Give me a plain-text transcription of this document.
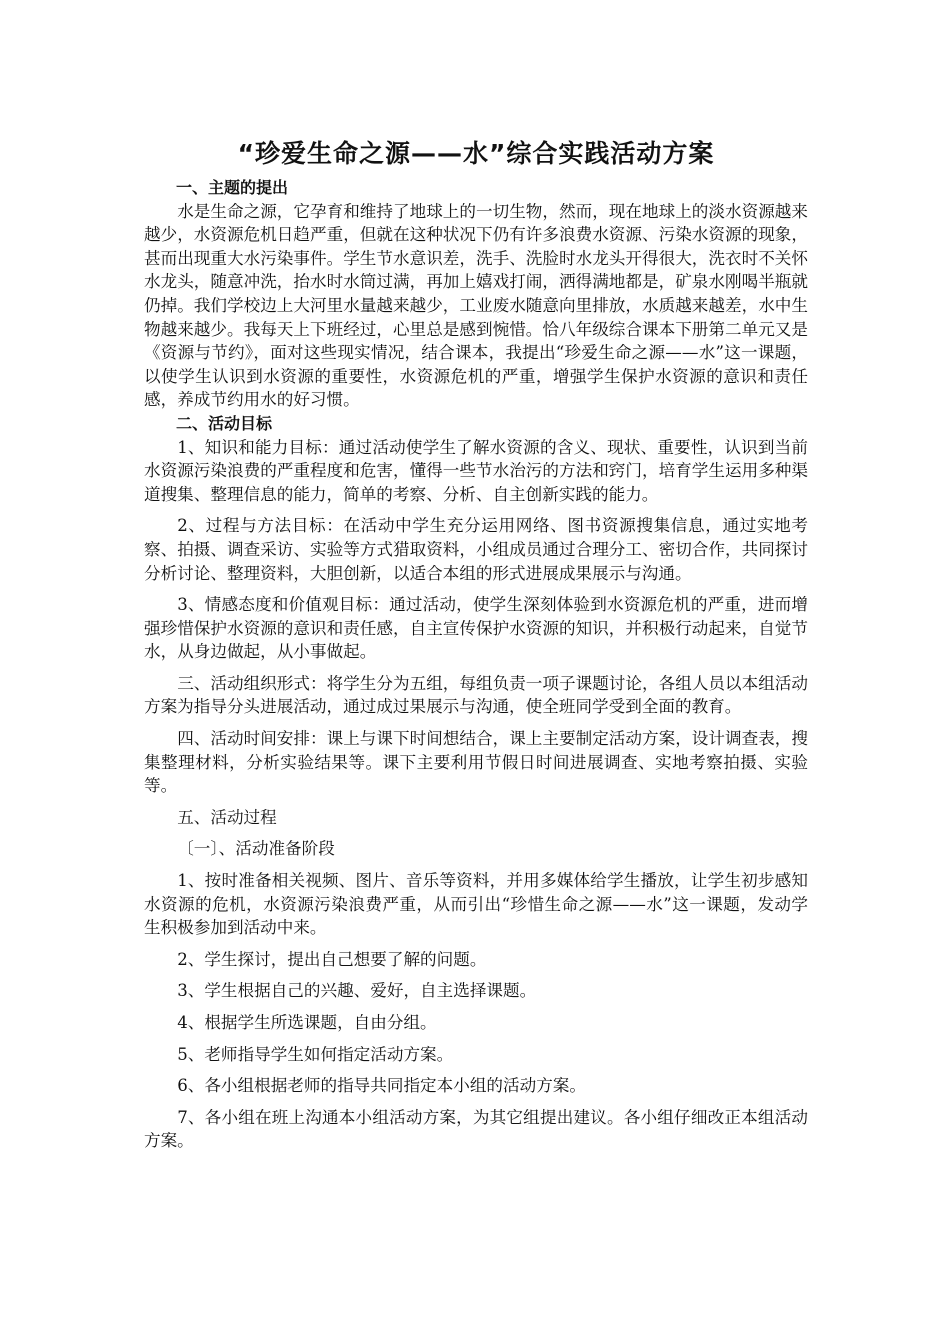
“珍爱生命之源——水”综合实践活动方案

一、主题的提出

水是生命之源，它孕育和维持了地球上的一切生物，然而，现在地球上的淡水资源越来越少，水资源危机日趋严重，但就在这种状况下仍有许多浪费水资源、污染水资源的现象，甚而出现重大水污染事件。学生节水意识差，洗手、洗脸时水龙头开得很大，洗衣时不关怀水龙头，随意冲洗，抬水时水筒过满，再加上嬉戏打闹，洒得满地都是，矿泉水刚喝半瓶就仍掉。我们学校边上大河里水量越来越少，工业废水随意向里排放，水质越来越差，水中生物越来越少。我每天上下班经过，心里总是感到惋惜。恰八年级综合课本下册第二单元又是《资源与节约》，面对这些现实情况，结合课本，我提出“珍爱生命之源——水”这一课题，以使学生认识到水资源的重要性，水资源危机的严重，增强学生保护水资源的意识和责任感，养成节约用水的好习惯。

二、活动目标

1、知识和能力目标：通过活动使学生了解水资源的含义、现状、重要性，认识到当前水资源污染浪费的严重程度和危害，懂得一些节水治污的方法和窍门，培育学生运用多种渠道搜集、整理信息的能力，简单的考察、分析、自主创新实践的能力。

2、过程与方法目标：在活动中学生充分运用网络、图书资源搜集信息，通过实地考察、拍摄、调查采访、实验等方式猎取资料，小组成员通过合理分工、密切合作，共同探讨分析讨论、整理资料，大胆创新，以适合本组的形式进展成果展示与沟通。

3、情感态度和价值观目标：通过活动，使学生深刻体验到水资源危机的严重，进而增强珍惜保护水资源的意识和责任感，自主宣传保护水资源的知识，并积极行动起来，自觉节水，从身边做起，从小事做起。

三、活动组织形式：将学生分为五组，每组负责一项子课题讨论，各组人员以本组活动方案为指导分头进展活动，通过成过果展示与沟通，使全班同学受到全面的教育。

四、活动时间安排：课上与课下时间想结合，课上主要制定活动方案，设计调查表，搜集整理材料，分析实验结果等。课下主要利用节假日时间进展调查、实地考察拍摄、实验等。

五、活动过程

〔一〕、活动准备阶段

1、按时准备相关视频、图片、音乐等资料，并用多媒体给学生播放，让学生初步感知水资源的危机，水资源污染浪费严重，从而引出“珍惜生命之源——水”这一课题，发动学生积极参加到活动中来。

2、学生探讨，提出自己想要了解的问题。

3、学生根据自己的兴趣、爱好，自主选择课题。

4、根据学生所选课题，自由分组。

5、老师指导学生如何指定活动方案。

6、各小组根据老师的指导共同指定本小组的活动方案。

7、各小组在班上沟通本小组活动方案，为其它组提出建议。各小组仔细改正本组活动方案。
